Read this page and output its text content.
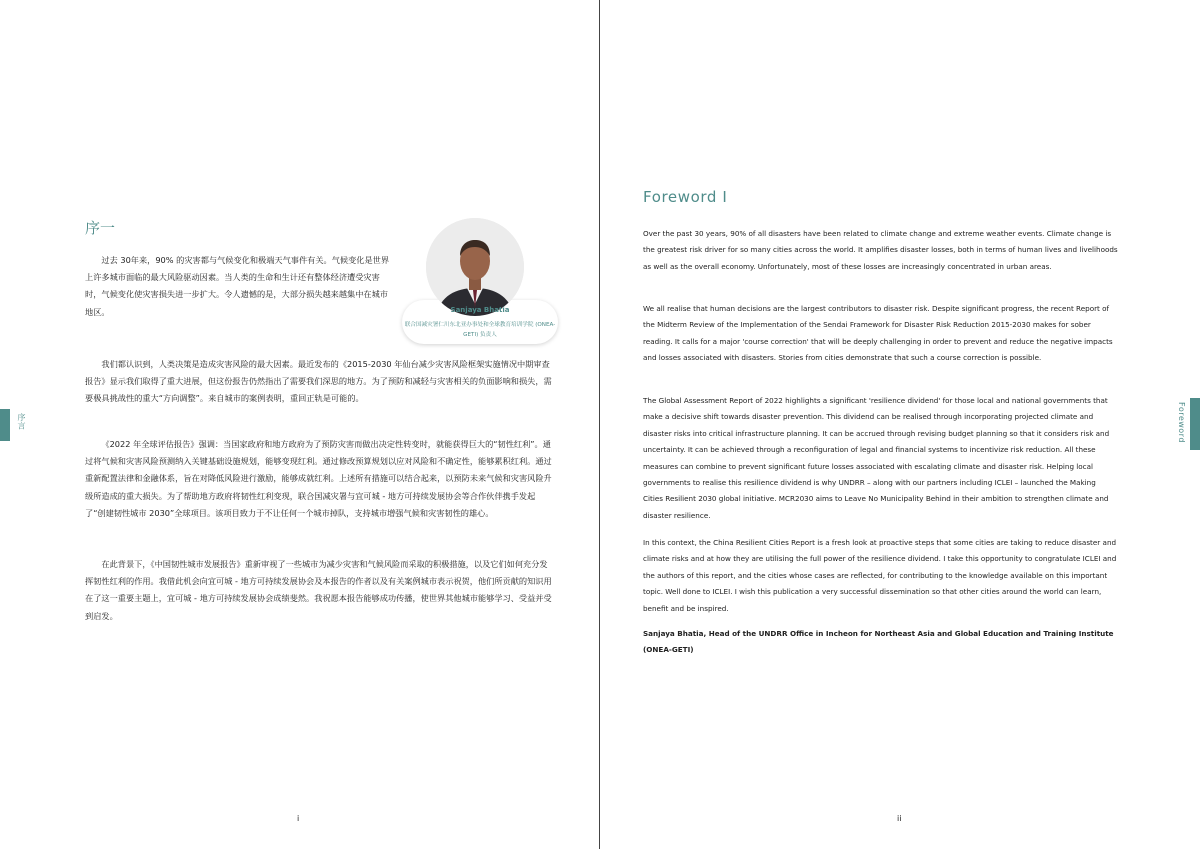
序言
序一
Sanjaya Bhatia
联合国减灾署仁川东北亚办事处和全球教育培训学院 (ONEA-GETI) 负责人

过去 30年来，90% 的灾害都与气候变化和极端天气事件有关。气候变化是世界上许多城市面临的最大风险驱动因素。当人类的生命和生计还有整体经济遭受灾害时，气候变化使灾害损失进一步扩大。令人遗憾的是，大部分损失越来越集中在城市地区。

我们都认识到，人类决策是造成灾害风险的最大因素。最近发布的《2015-2030 年仙台减少灾害风险框架实施情况中期审查报告》显示我们取得了重大进展，但这份报告仍然指出了需要我们深思的地方。为了预防和减轻与灾害相关的负面影响和损失，需要极具挑战性的重大“方向调整”。来自城市的案例表明，重回正轨是可能的。

《2022 年全球评估报告》强调：当国家政府和地方政府为了预防灾害而做出决定性转变时，就能获得巨大的“韧性红利”。通过将气候和灾害风险预测纳入关键基础设施规划，能够变现红利。通过修改预算规划以应对风险和不确定性，能够累积红利。通过重新配置法律和金融体系，旨在对降低风险进行激励，能够成就红利。上述所有措施可以结合起来，以预防未来气候和灾害风险升级所造成的重大损失。为了帮助地方政府将韧性红利变现，联合国减灾署与宜可城 - 地方可持续发展协会等合作伙伴携手发起了“创建韧性城市 2030”全球项目。该项目致力于不让任何一个城市掉队，支持城市增强气候和灾害韧性的雄心。

在此背景下，《中国韧性城市发展报告》重新审视了一些城市为减少灾害和气候风险而采取的积极措施，以及它们如何充分发挥韧性红利的作用。我借此机会向宜可城 - 地方可持续发展协会及本报告的作者以及有关案例城市表示祝贺，他们所贡献的知识用在了这一重要主题上，宜可城 - 地方可持续发展协会成绩斐然。我祝愿本报告能够成功传播，使世界其他城市能够学习、受益并受到启发。

i
Foreword
Foreword Ⅰ

Over the past 30 years, 90% of all disasters have been related to climate change and extreme weather events. Climate change is the greatest risk driver for so many cities across the world. It amplifies disaster losses, both in terms of human lives and livelihoods as well as the overall economy. Unfortunately, most of these losses are increasingly concentrated in urban areas.

We all realise that human decisions are the largest contributors to disaster risk. Despite significant progress, the recent Report of the Midterm Review of the Implementation of the Sendai Framework for Disaster Risk Reduction 2015-2030 makes for sober reading. It calls for a major 'course correction' that will be deeply challenging in order to prevent and reduce the negative impacts and losses associated with disasters. Stories from cities demonstrate that such a course correction is possible.

The Global Assessment Report of 2022 highlights a significant 'resilience dividend' for those local and national governments that make a decisive shift towards disaster prevention. This dividend can be realised through incorporating projected climate and disaster risks into critical infrastructure planning. It can be accrued through revising budget planning so that it considers risk and uncertainty. It can be achieved through a reconfiguration of legal and financial systems to incentivize risk reduction. All these measures can combine to prevent significant future losses associated with escalating climate and disaster risk. Helping local governments to realise this resilience dividend is why UNDRR – along with our partners including ICLEI – launched the Making Cities Resilient 2030 global initiative. MCR2030 aims to Leave No Municipality Behind in their ambition to strengthen climate and disaster resilience.

In this context, the China Resilient Cities Report is a fresh look at proactive steps that some cities are taking to reduce disaster and climate risks and at how they are utilising the full power of the resilience dividend. I take this opportunity to congratulate ICLEI and the authors of this report, and the cities whose cases are reflected, for contributing to the knowledge available on this important topic. Well done to ICLEI. I wish this publication a very successful dissemination so that other cities around the world can learn, benefit and be inspired.

Sanjaya Bhatia, Head of the UNDRR Office in Incheon for Northeast Asia and Global Education and Training Institute (ONEA-GETI)

ii
